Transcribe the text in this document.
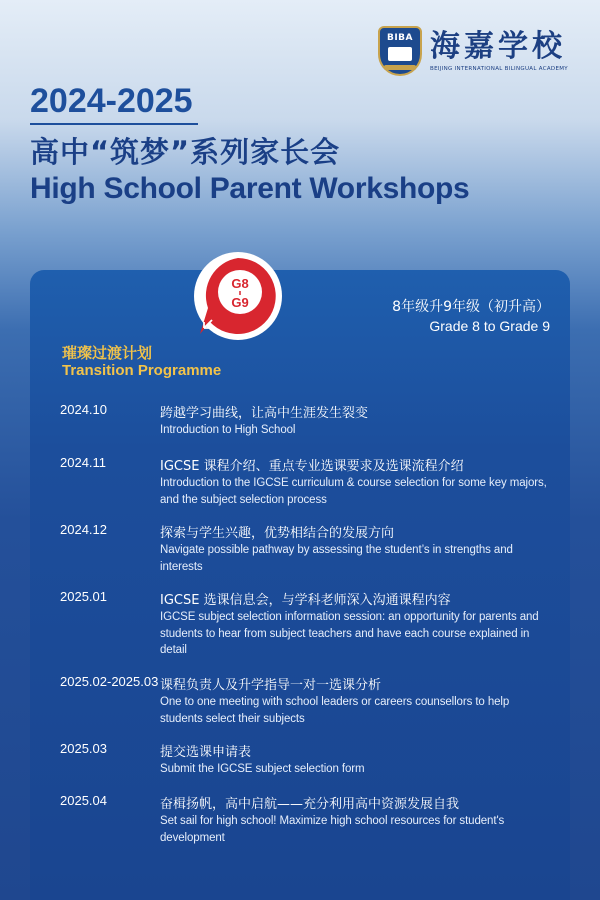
BIBA 海嘉学校
BEIJING INTERNATIONAL BILINGUAL ACADEMY
2024-2025
高中“筑梦”系列家长会
High School Parent Workshops
G8
G9	8年级升9年级（初升高）
Grade 8 to Grade 9
璀璨过渡计划
Transition Programme
2024.10	跨越学习曲线，让高中生涯发生裂变
Introduction to High School
2024.11	IGCSE 课程介绍、重点专业选课要求及选课流程介绍
Introduction to the IGCSE curriculum & course selection for some key majors, and the subject selection process
2024.12	探索与学生兴趣，优势相结合的发展方向
Navigate possible pathway by assessing the student’s in strengths and interests
2025.01	IGCSE 选课信息会，与学科老师深入沟通课程内容
IGCSE subject selection information session: an opportunity for parents and students to hear from subject teachers and have each course explained in detail
2025.02-2025.03 课程负责人及升学指导一对一选课分析
One to one meeting with school leaders or careers counsellors to help students select their subjects
2025.03	提交选课申请表
Submit the IGCSE subject selection form
2025.04	奋楫扬帆，高中启航——充分利用高中资源发展自我
Set sail for high school! Maximize high school resources for student's development
